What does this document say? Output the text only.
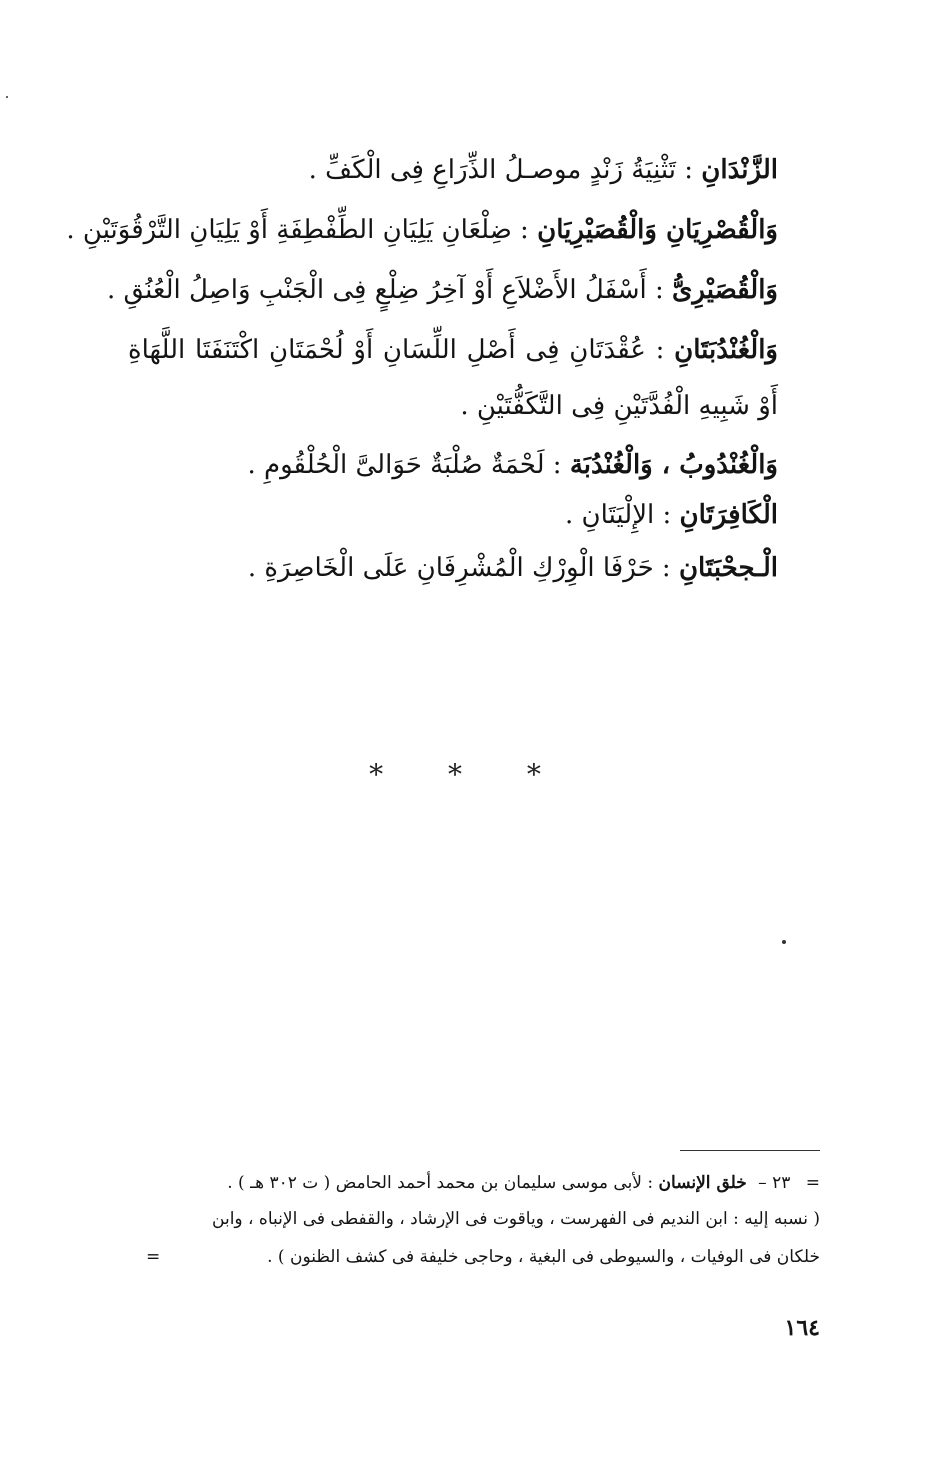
الزَّنْدَانِ : تَثْنِيَةُ زَنْدٍ موصـلُ الذِّرَاعِ فِى الْكَفِّ .
وَالْقُصْرِيَانِ وَالْقُصَيْرِيَانِ : ضِلْعَانِ يَلِيَانِ الطِّفْطِفَةِ أَوْ يَلِيَانِ التَّرْقُوَتَيْنِ .
وَالْقُصَيْرِىُّ : أَسْفَلُ الأَضْلاَعِ أَوْ آخِرُ ضِلْعٍ فِى الْجَنْبِ وَاصِلُ الْعُنُقِ .
وَالْغُنْدُبَتَانِ : عُقْدَتَانِ فِى أَصْلِ اللِّسَانِ أَوْ لُحْمَتَانِ اكْتَنَفَتَا اللَّهَاةِ أَوْ شَبِيهِ الْفُدَّتَيْنِ فِى التَّكَفُّتَيْنِ .
وَالْغُنْدُوبُ ، وَالْغُنْدُبَة : لَحْمَةٌ صُلْبَةٌ حَوَالىَّ الْحُلْقُومِ .
الْكَافِرَتَانِ : الإِلْيَتَانِ .
الْـجحْبَتَانِ : حَرْفَا الْوِرْكِ الْمُشْرِفَانِ عَلَى الْخَاصِرَةِ .
* * *
= ٢٣ – خلق الإنسان : لأبى موسى سليمان بن محمد أحمد الحامض ( ت ٣٠٢ هـ ) .
( نسبه إليه : ابن النديم فى الفهرست ، وياقوت فى الإرشاد ، والقفطى فى الإنباه ، وابن
خلكان فى الوفيات ، والسيوطى فى البغية ، وحاجى خليفة فى كشف الظنون ) .
=
١٦٤
